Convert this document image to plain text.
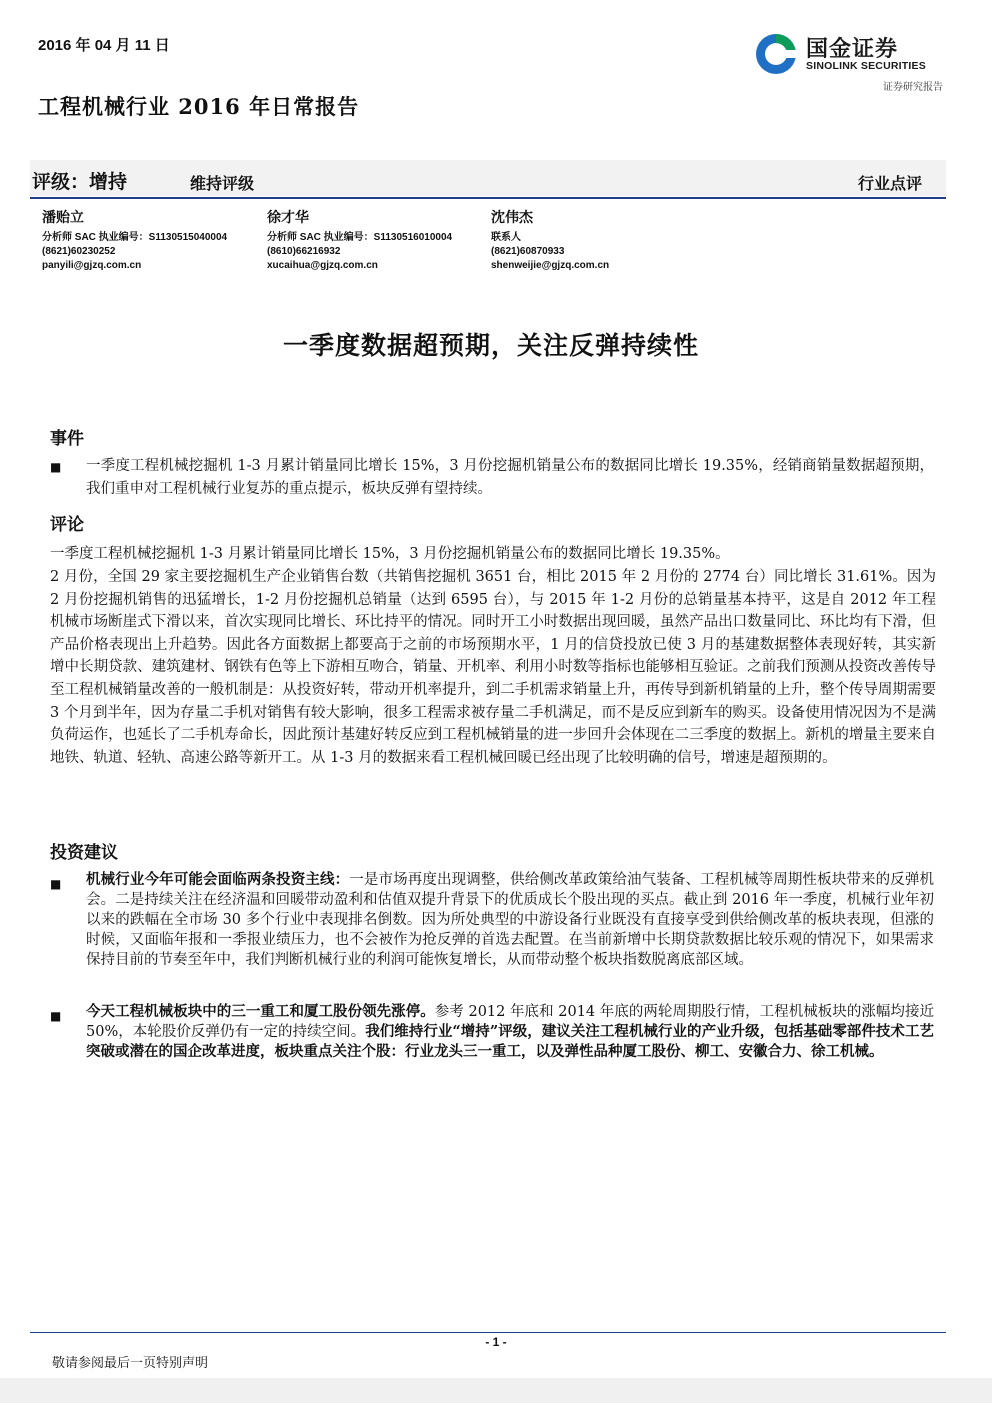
2016 年 04 月 11 日	国金证券
SINOLINK SECURITIES
证券研究报告
工程机械行业 2016 年日常报告
评级：增持	维持评级	行业点评
潘贻立
分析师 SAC 执业编号：S1130515040004
(8621)60230252
panyili@gjzq.com.cn
徐才华
分析师 SAC 执业编号：S1130516010004
(8610)66216932
xucaihua@gjzq.com.cn
沈伟杰
联系人
(8621)60870933
shenweijie@gjzq.com.cn
一季度数据超预期，关注反弹持续性
事件
■ 一季度工程机械挖掘机 1-3 月累计销量同比增长 15%，3 月份挖掘机销量公布的数据同比增长 19.35%，经销商销量数据超预期，我们重申对工程机械行业复苏的重点提示，板块反弹有望持续。
评论
一季度工程机械挖掘机 1-3 月累计销量同比增长 15%，3 月份挖掘机销量公布的数据同比增长 19.35%。
2 月份，全国 29 家主要挖掘机生产企业销售台数（共销售挖掘机 3651 台，相比 2015 年 2 月份的 2774 台）同比增长 31.61%。因为 2 月份挖掘机销售的迅猛增长，1-2 月份挖掘机总销量（达到 6595 台），与 2015 年 1-2 月份的总销量基本持平，这是自 2012 年工程机械市场断崖式下滑以来，首次实现同比增长、环比持平的情况。同时开工小时数据出现回暖，虽然产品出口数量同比、环比均有下滑，但产品价格表现出上升趋势。因此各方面数据上都要高于之前的市场预期水平，1 月的信贷投放已使 3 月的基建数据整体表现好转，其实新增中长期贷款、建筑建材、钢铁有色等上下游相互吻合，销量、开机率、利用小时数等指标也能够相互验证。之前我们预测从投资改善传导至工程机械销量改善的一般机制是：从投资好转，带动开机率提升，到二手机需求销量上升，再传导到新机销量的上升，整个传导周期需要 3 个月到半年，因为存量二手机对销售有较大影响，很多工程需求被存量二手机满足，而不是反应到新车的购买。设备使用情况因为不是满负荷运作，也延长了二手机寿命长，因此预计基建好转反应到工程机械销量的进一步回升会体现在二三季度的数据上。新机的增量主要来自地铁、轨道、轻轨、高速公路等新开工。从 1-3 月的数据来看工程机械回暖已经出现了比较明确的信号，增速是超预期的。
投资建议
■ 机械行业今年可能会面临两条投资主线：一是市场再度出现调整，供给侧改革政策给油气装备、工程机械等周期性板块带来的反弹机会。二是持续关注在经济温和回暖带动盈利和估值双提升背景下的优质成长个股出现的买点。截止到 2016 年一季度，机械行业年初以来的跌幅在全市场 30 多个行业中表现排名倒数。因为所处典型的中游设备行业既没有直接享受到供给侧改革的板块表现，但涨的时候，又面临年报和一季报业绩压力，也不会被作为抢反弹的首选去配置。在当前新增中长期贷款数据比较乐观的情况下，如果需求保持目前的节奏至年中，我们判断机械行业的利润可能恢复增长，从而带动整个板块指数脱离底部区域。
■ 今天工程机械板块中的三一重工和厦工股份领先涨停。参考 2012 年底和 2014 年底的两轮周期股行情，工程机械板块的涨幅均接近 50%，本轮股价反弹仍有一定的持续空间。我们维持行业“增持”评级，建议关注工程机械行业的产业升级，包括基础零部件技术工艺突破或潜在的国企改革进度，板块重点关注个股：行业龙头三一重工，以及弹性品种厦工股份、柳工、安徽合力、徐工机械。
- 1 -
敬请参阅最后一页特别声明
